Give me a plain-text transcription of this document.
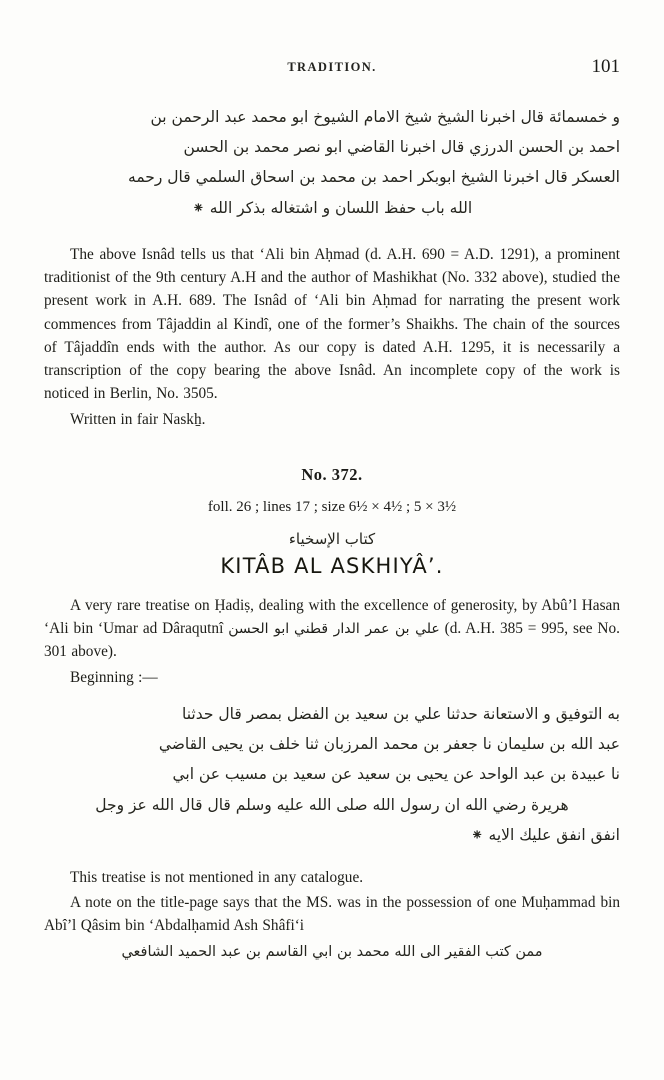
TRADITION.	101
و خمسمائة قال اخبرنا الشيخ شيخ الامام الشيوخ ابو محمد عبد الرحمن بن
احمد بن الحسن الدرزي قال اخبرنا القاضي ابو نصر محمد بن الحسن
العسكر قال اخبرنا الشيخ ابوبكر احمد بن محمد بن اسحاق السلمي قال رحمه
الله باب حفظ اللسان و اشتغاله بذكر الله ⁕

The above Isnâd tells us that ‘Ali bin Aḥmad (d. A.H. 690 = A.D. 1291), a prominent traditionist of the 9th century A.H and the author of Mashikhat (No. 332 above), studied the present work in A.H. 689. The Isnâd of ‘Ali bin Aḥmad for narrating the present work commences from Tâjaddin al Kindî, one of the former’s Shaikhs. The chain of the sources of Tâjaddîn ends with the author. As our copy is dated A.H. 1295, it is necessarily a transcription of the copy bearing the above Isnâd. An incomplete copy of the work is noticed in Berlin, No. 3505.

Written in fair Naskẖ.

No. 372.
foll. 26 ; lines 17 ; size 6½ × 4½ ; 5 × 3½
كتاب الإسخياء
KITÂB AL ASKHIYÂ’.

A very rare treatise on Ḥadiṣ, dealing with the excellence of generosity, by Abû’l Hasan ‘Ali bin ‘Umar ad Dâraqutnî ابو الحسن علي بن عمر الدار قطني (d. A.H. 385 = 995, see No. 301 above).

Beginning :—

به التوفيق و الاستعانة حدثنا علي بن سعيد بن الفضل بمصر قال حدثنا
عبد الله بن سليمان نا جعفر بن محمد المرزبان ثنا خلف بن يحيى القاضي
نا عبيدة بن عبد الواحد عن يحيى بن سعيد عن سعيد بن مسيب عن ابي
هريرة رضي الله ان رسول الله صلى الله عليه وسلم قال قال الله عز وجل
انفق انفق عليك الايه ⁕

This treatise is not mentioned in any catalogue.

A note on the title-page says that the MS. was in the possession of one Muḥammad bin Abî’l Qâsim bin ‘Abdalḥamid Ash Shâfi‘i

ممن كتب الفقير الى الله محمد بن ابي القاسم بن عبد الحميد الشافعي
